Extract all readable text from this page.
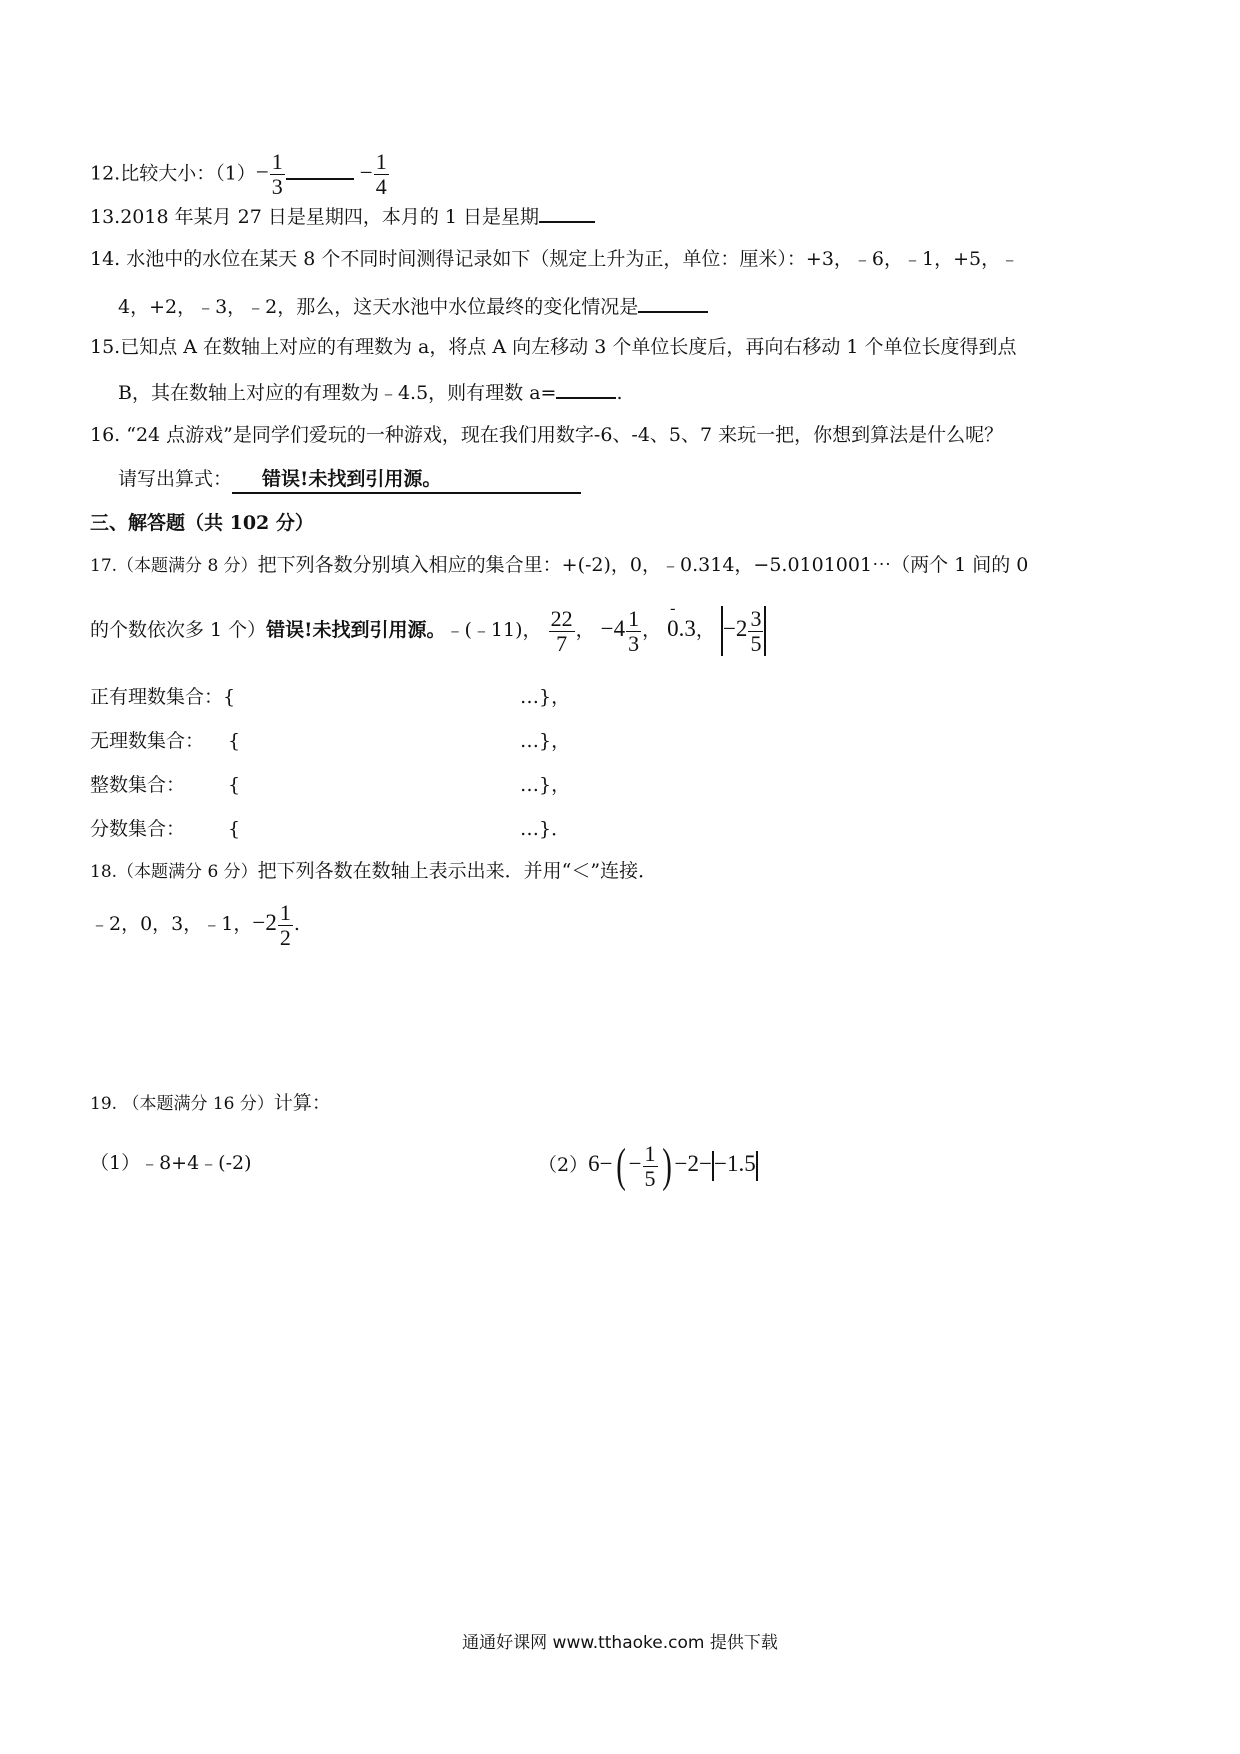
12.比较大小：$(1)- \frac{1}{3}$	− $\frac{1}{4}$
13.2018 年某月 27 日是星期四，本月的 1 日是星期
14. 水池中的水位在某天 8 个不同时间测得记录如下（规定上升为正，单位：厘米）：+3，﹣6，﹣1，+5，﹣
4，+2，﹣3，﹣2，那么，这天水池中水位最终的变化情况是
15.已知点 A 在数轴上对应的有理数为 a，将点 A 向左移动 3 个单位长度后，再向右移动 1 个单位长度得到点
B，其在数轴上对应的有理数为﹣4.5，则有理数 a=	.
16. “24 点游戏”是同学们爱玩的一种游戏，现在我们用数字-6、-4、5、7 来玩一把，你想到算法是什么呢？
请写出算式： 错误!未找到引用源。
三、解答题（共 102 分）
17.（本题满分 8 分）把下列各数分别填入相应的集合里：+(-2)，0，﹣0.314，−5.0101001⋯（两个 1 间的 0
的个数依次多 1 个）错误!未找到引用源。﹣(﹣11)， $\frac{22}{7}$ ， $-4 \frac{1}{3}$ ， - 0.3， $-2 \frac{3}{5}$
正有理数集合：{	…}，
无理数集合： {	…}，
整数集合： {	…}，
分数集合： {	…}．
18.（本题满分 6 分）把下列各数在数轴上表示出来．并用“＜”连接．
﹣2，0，3，﹣1，$-2 \frac{1}{2}$ .
19. （本题满分 16 分）计算：
（1）﹣8+4﹣(-2)	$(2)6-( - \frac{1}{5}$ ) −2−−1.5
通通好课网 www.tthaoke.com 提供下载
